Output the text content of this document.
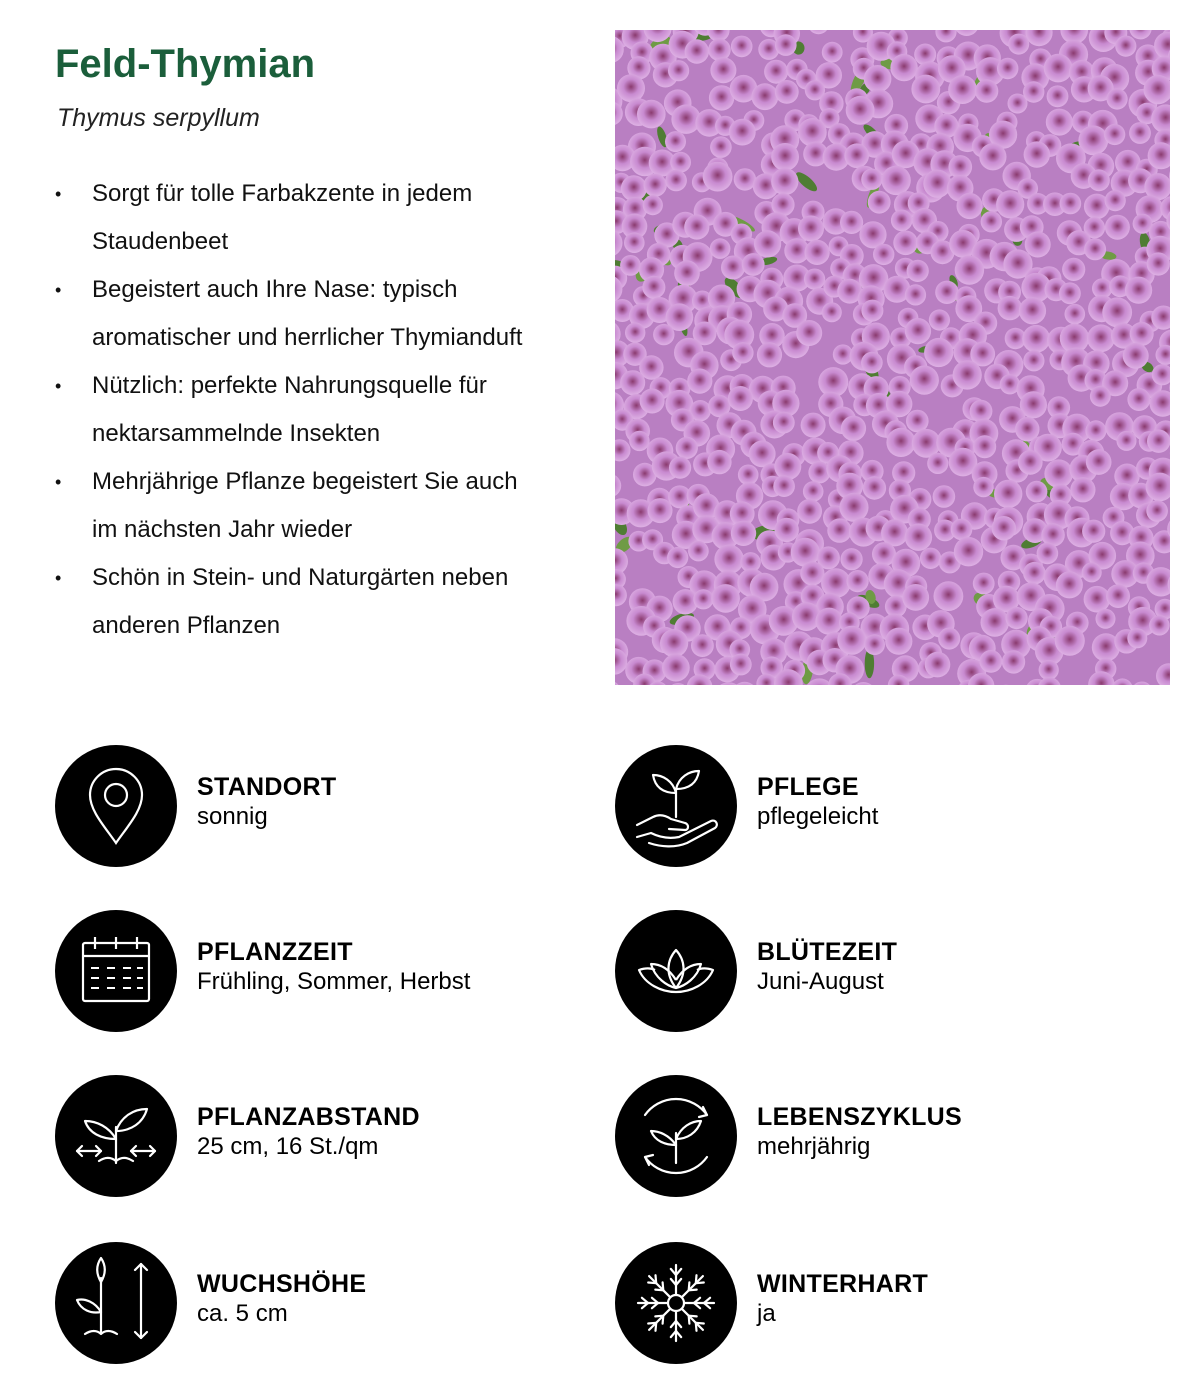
Feld-Thymian
Thymus serpyllum
• Sorgt für tolle Farbakzente in jedem
Staudenbeet
• Begeistert auch Ihre Nase: typisch
aromatischer und herrlicher Thymianduft
• Nützlich: perfekte Nahrungsquelle für
nektarsammelnde Insekten
• Mehrjährige Pflanze begeistert Sie auch
im nächsten Jahr wieder
• Schön in Stein- und Naturgärten neben
anderen Pflanzen
STANDORT
sonnig
PFLEGE
pflegeleicht
PFLANZZEIT
Frühling, Sommer, Herbst
BLÜTEZEIT
Juni-August
PFLANZABSTAND
25 cm, 16 St./qm
LEBENSZYKLUS
mehrjährig
WUCHSHÖHE
ca. 5 cm
WINTERHART
ja
